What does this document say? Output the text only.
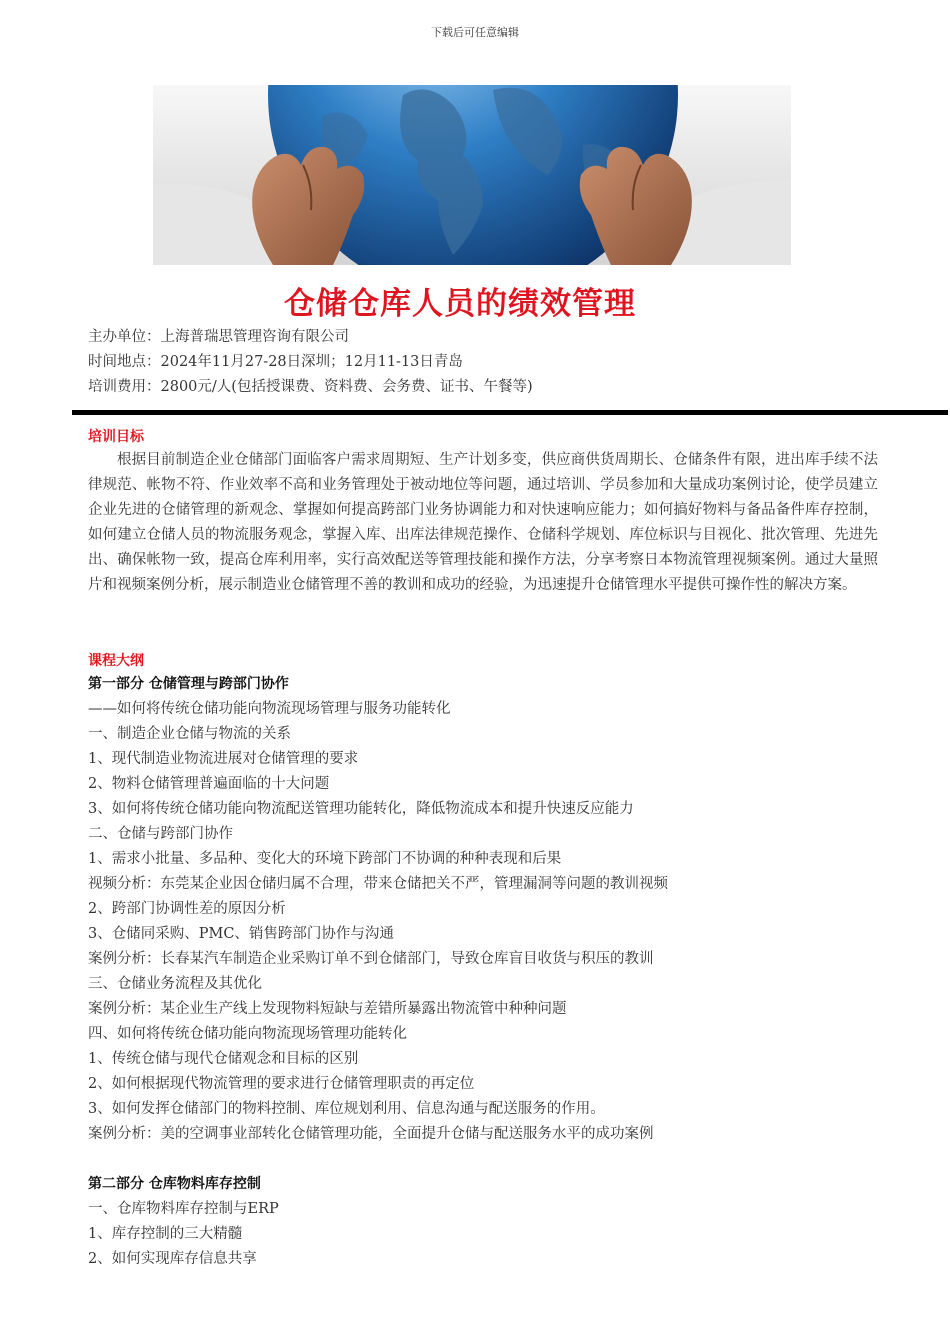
下载后可任意编辑
仓储仓库人员的绩效管理
主办单位：上海普瑞思管理咨询有限公司
时间地点：2024年11月27-28日深圳；12月11-13日青岛
培训费用：2800元/人(包括授课费、资料费、会务费、证书、午餐等)
培训目标

根据目前制造企业仓储部门面临客户需求周期短、生产计划多变，供应商供货周期长、仓储条件有限，进出库手续不法律规范、帐物不符、作业效率不高和业务管理处于被动地位等问题，通过培训、学员参加和大量成功案例讨论，使学员建立企业先进的仓储管理的新观念、掌握如何提高跨部门业务协调能力和对快速响应能力；如何搞好物料与备品备件库存控制，如何建立仓储人员的物流服务观念，掌握入库、出库法律规范操作、仓储科学规划、库位标识与目视化、批次管理、先进先出、确保帐物一致，提高仓库利用率，实行高效配送等管理技能和操作方法，分享考察日本物流管理视频案例。通过大量照片和视频案例分析，展示制造业仓储管理不善的教训和成功的经验，为迅速提升仓储管理水平提供可操作性的解决方案。

课程大纲
第一部分 仓储管理与跨部门协作
——如何将传统仓储功能向物流现场管理与服务功能转化
一、制造企业仓储与物流的关系
1、现代制造业物流进展对仓储管理的要求
2、物料仓储管理普遍面临的十大问题
3、如何将传统仓储功能向物流配送管理功能转化，降低物流成本和提升快速反应能力
二、仓储与跨部门协作
1、需求小批量、多品种、变化大的环境下跨部门不协调的种种表现和后果
视频分析：东莞某企业因仓储归属不合理，带来仓储把关不严，管理漏洞等问题的教训视频
2、跨部门协调性差的原因分析
3、仓储同采购、PMC、销售跨部门协作与沟通
案例分析：长春某汽车制造企业采购订单不到仓储部门，导致仓库盲目收货与积压的教训
三、仓储业务流程及其优化
案例分析：某企业生产线上发现物料短缺与差错所暴露出物流管中种种问题
四、如何将传统仓储功能向物流现场管理功能转化
1、传统仓储与现代仓储观念和目标的区别
2、如何根据现代物流管理的要求进行仓储管理职责的再定位
3、如何发挥仓储部门的物料控制、库位规划利用、信息沟通与配送服务的作用。
案例分析：美的空调事业部转化仓储管理功能，全面提升仓储与配送服务水平的成功案例
第二部分 仓库物料库存控制
一、仓库物料库存控制与ERP
1、库存控制的三大精髓
2、如何实现库存信息共享
